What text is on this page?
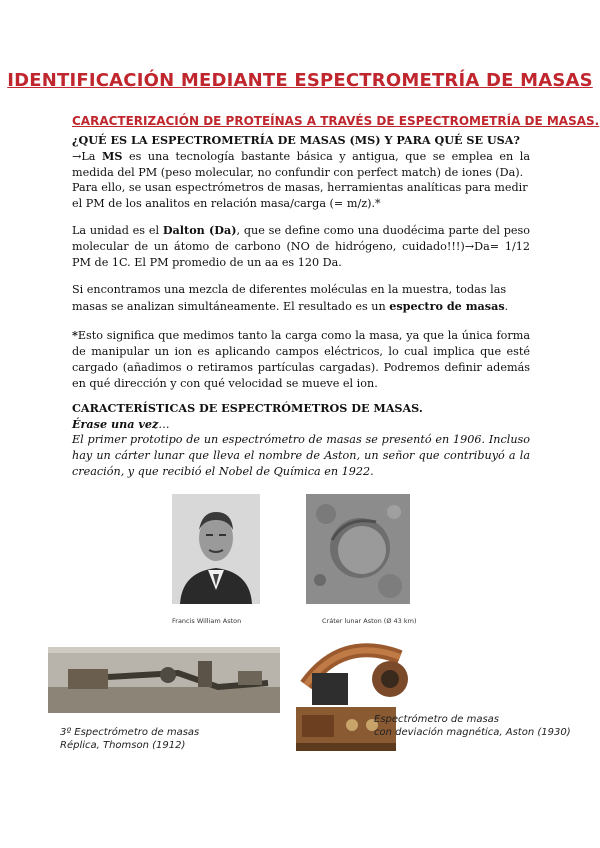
IDENTIFICACIÓN MEDIANTE ESPECTROMETRÍA DE MASAS
CARACTERIZACIÓN DE PROTEÍNAS A TRAVÉS DE ESPECTROMETRÍA DE MASAS.
¿QUÉ ES LA ESPECTROMETRÍA DE MASAS (MS) Y PARA QUÉ SE USA?
→La MS es una tecnología bastante básica y antigua, que se emplea en la medida del PM (peso molecular, no confundir con perfect match) de iones (Da).
Para ello, se usan espectrómetros de masas, herramientas analíticas para medir el PM de los analitos en relación masa/carga (= m/z).*
La unidad es el Dalton (Da), que se define como una duodécima parte del peso molecular de un átomo de carbono (NO de hidrógeno, cuidado!!!)→Da= 1/12 PM de 1C. El PM promedio de un aa es 120 Da.
Si encontramos una mezcla de diferentes moléculas en la muestra, todas las masas se analizan simultáneamente. El resultado es un espectro de masas.
*Esto significa que medimos tanto la carga como la masa, ya que la única forma de manipular un ion es aplicando campos eléctricos, lo cual implica que esté cargado (añadimos o retiramos partículas cargadas). Podremos definir además en qué dirección y con qué velocidad se mueve el ion.
CARACTERÍSTICAS DE ESPECTRÓMETROS DE MASAS.
Érase una vez…
El primer prototipo de un espectrómetro de masas se presentó en 1906. Incluso hay un cárter lunar que lleva el nombre de Aston, un señor que contribuyó a la creación, y que recibió el Nobel de Química en 1922.
Francis William Aston	Cráter lunar Aston (Ø 43 km)
3º Espectrómetro de masas
Réplica, Thomson (1912)
Espectrómetro de masas
con deviación magnética, Aston (1930)
